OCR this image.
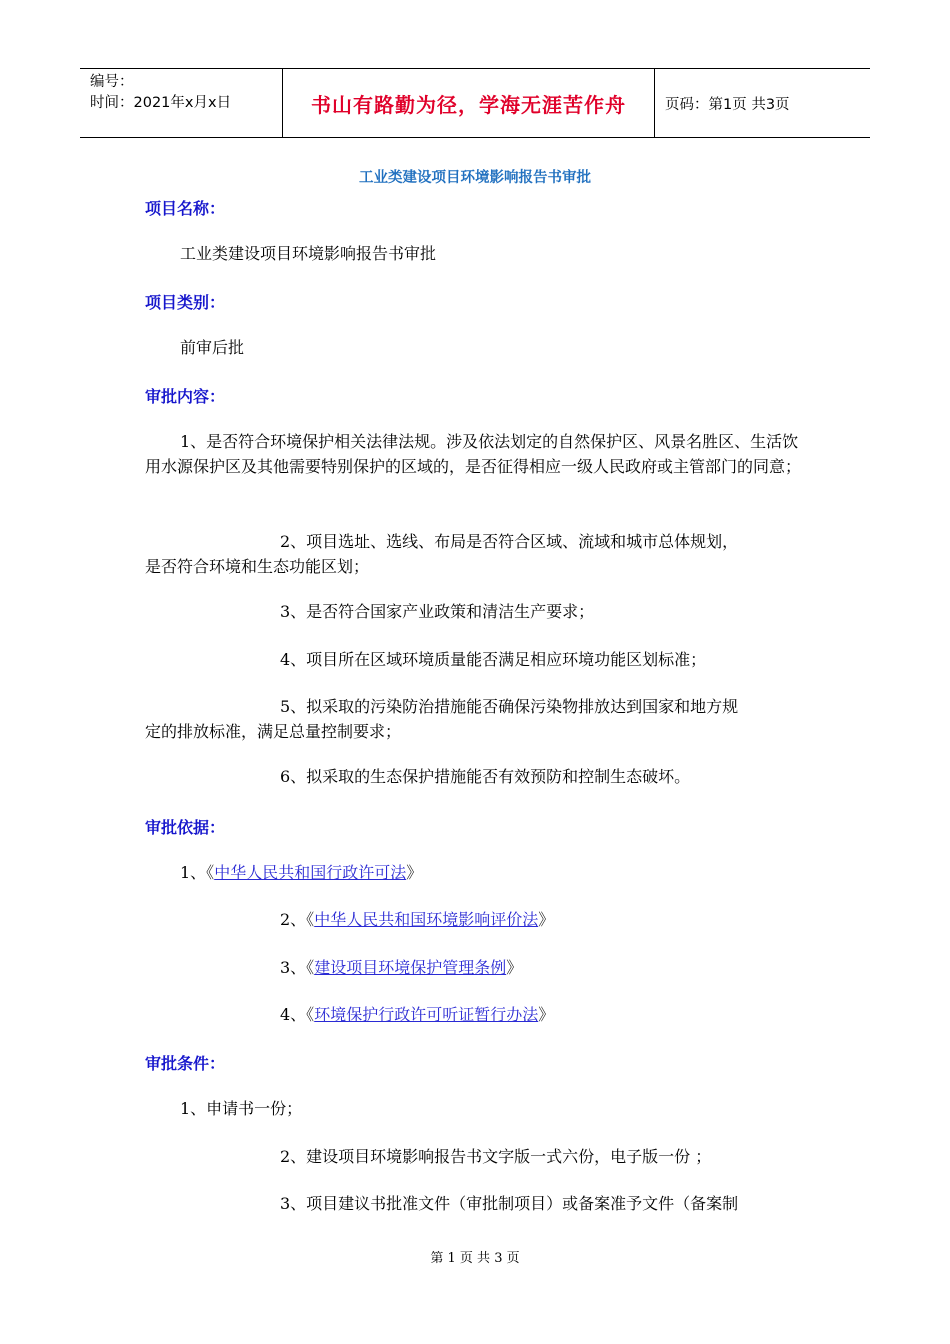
编号：
时间：2021年x月x日	书山有路勤为径，学海无涯苦作舟	页码：第1页 共3页
工业类建设项目环境影响报告书审批
项目名称：
工业类建设项目环境影响报告书审批
项目类别：
前审后批
审批内容：
1、是否符合环境保护相关法律法规。涉及依法划定的自然保护区、风景名胜区、生活饮用水源保护区及其他需要特别保护的区域的，是否征得相应一级人民政府或主管部门的同意；
2、项目选址、选线、布局是否符合区域、流域和城市总体规划，
是否符合环境和生态功能区划；
3、是否符合国家产业政策和清洁生产要求；
4、项目所在区域环境质量能否满足相应环境功能区划标准；
5、拟采取的污染防治措施能否确保污染物排放达到国家和地方规
定的排放标准，满足总量控制要求；
6、拟采取的生态保护措施能否有效预防和控制生态破坏。
审批依据：
1、《中华人民共和国行政许可法》
2、《中华人民共和国环境影响评价法》
3、《建设项目环境保护管理条例》
4、《环境保护行政许可听证暂行办法》
审批条件：
1、申请书一份；
2、建设项目环境影响报告书文字版一式六份，电子版一份 ；
3、项目建议书批准文件（审批制项目）或备案准予文件（备案制
第 1 页 共 3 页
